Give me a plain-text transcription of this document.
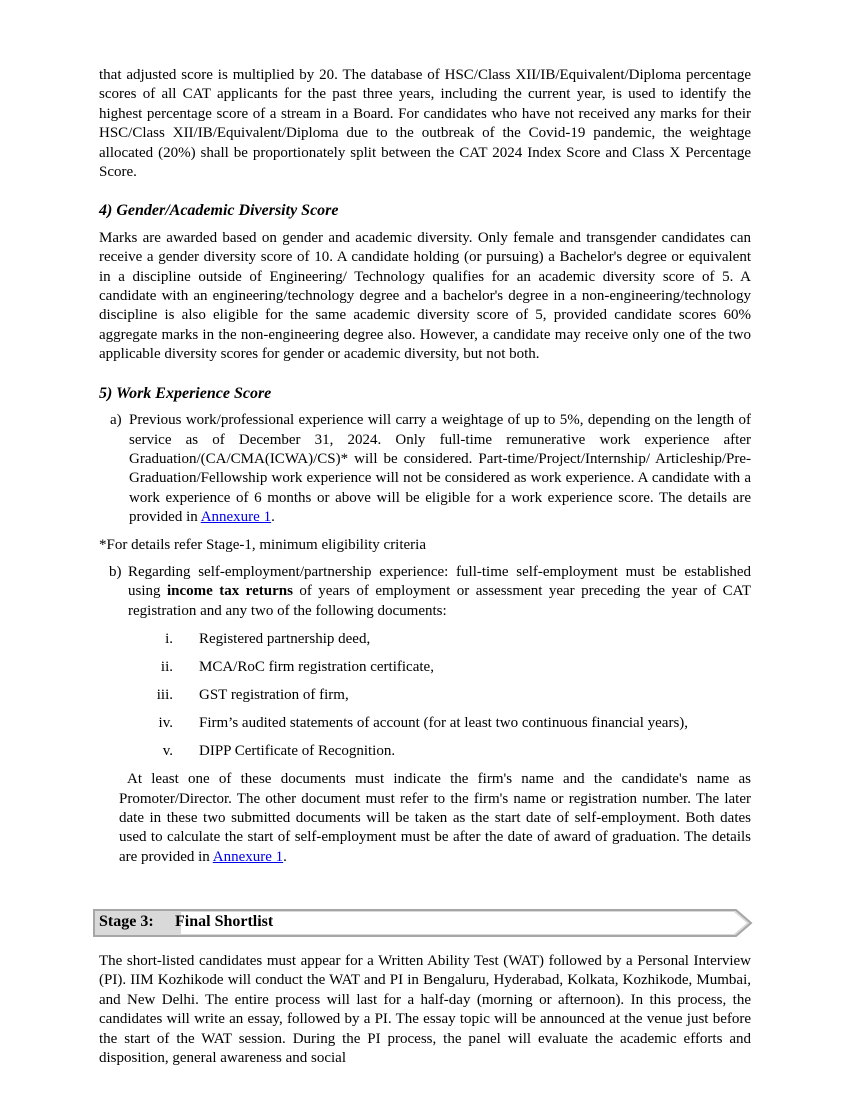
that adjusted score is multiplied by 20. The database of HSC/Class XII/IB/Equivalent/Diploma percentage scores of all CAT applicants for the past three years, including the current year, is used to identify the highest percentage score of a stream in a Board. For candidates who have not received any marks for their HSC/Class XII/IB/Equivalent/Diploma due to the outbreak of the Covid-19 pandemic, the weightage allocated (20%) shall be proportionately split between the CAT 2024 Index Score and Class X Percentage Score.

4) Gender/Academic Diversity Score

Marks are awarded based on gender and academic diversity. Only female and transgender candidates can receive a gender diversity score of 10. A candidate holding (or pursuing) a Bachelor's degree or equivalent in a discipline outside of Engineering/ Technology qualifies for an academic diversity score of 5. A candidate with an engineering/technology degree and a bachelor's degree in a non-engineering/technology discipline is also eligible for the same academic diversity score of 5, provided candidate scores 60% aggregate marks in the non-engineering degree also. However, a candidate may receive only one of the two applicable diversity scores for gender or academic diversity, but not both.

5) Work Experience Score
a) Previous work/professional experience will carry a weightage of up to 5%, depending on the length of service as of December 31, 2024. Only full-time remunerative work experience after Graduation/(CA/CMA(ICWA)/CS)* will be considered. Part-time/Project/Internship/ Articleship/Pre-Graduation/Fellowship work experience will not be considered as work experience. A candidate with a work experience of 6 months or above will be eligible for a work experience score. The details are provided in Annexure 1.

*For details refer Stage-1, minimum eligibility criteria

b) Regarding self-employment/partnership experience: full-time self-employment must be established using income tax returns of years of employment or assessment year preceding the year of CAT registration and any two of the following documents:
i.	Registered partnership deed,
ii.	MCA/RoC firm registration certificate,
iii.	GST registration of firm,
iv.	Firm’s audited statements of account (for at least two continuous financial years),
v.	DIPP Certificate of Recognition.

At least one of these documents must indicate the firm's name and the candidate's name as Promoter/Director. The other document must refer to the firm's name or registration number. The later date in these two submitted documents will be taken as the start date of self-employment. Both dates used to calculate the start of self-employment must be after the date of award of graduation. The details are provided in Annexure 1.

Stage 3: Final Shortlist

The short-listed candidates must appear for a Written Ability Test (WAT) followed by a Personal Interview (PI). IIM Kozhikode will conduct the WAT and PI in Bengaluru, Hyderabad, Kolkata, Kozhikode, Mumbai, and New Delhi. The entire process will last for a half-day (morning or afternoon). In this process, the candidates will write an essay, followed by a PI. The essay topic will be announced at the venue just before the start of the WAT session. During the PI process, the panel will evaluate the academic efforts and disposition, general awareness and social
